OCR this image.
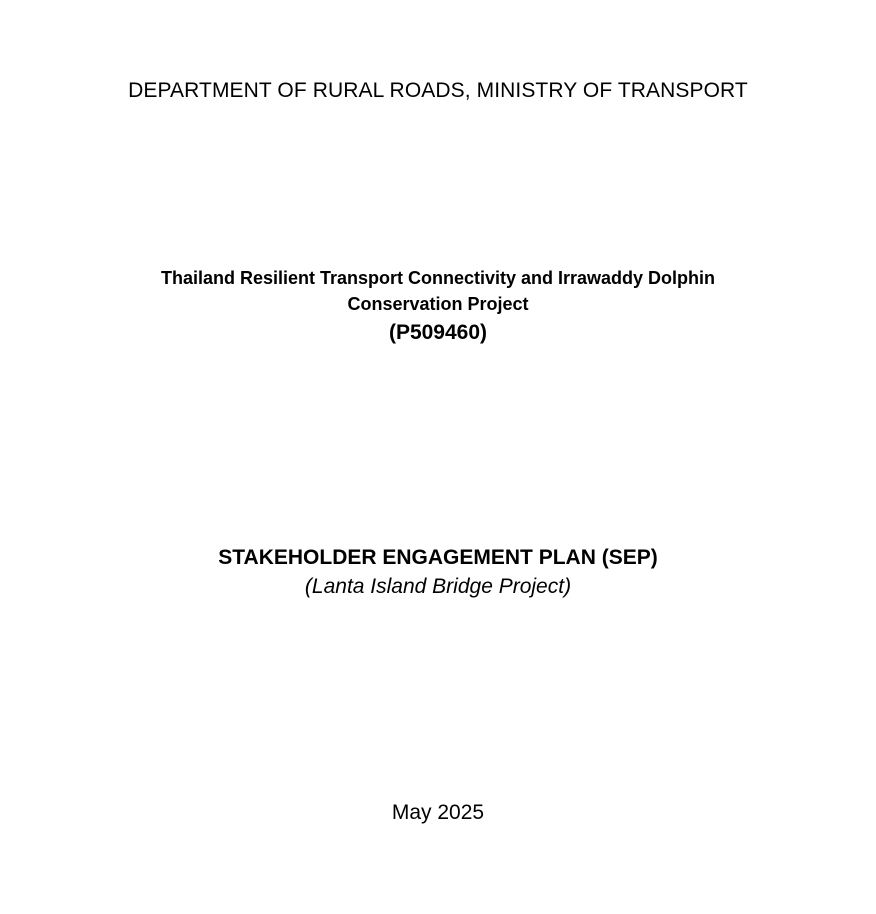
DEPARTMENT OF RURAL ROADS, MINISTRY OF TRANSPORT

Thailand Resilient Transport Connectivity and Irrawaddy Dolphin

Conservation Project

(P509460)

STAKEHOLDER ENGAGEMENT PLAN (SEP)

(Lanta Island Bridge Project)

May 2025
